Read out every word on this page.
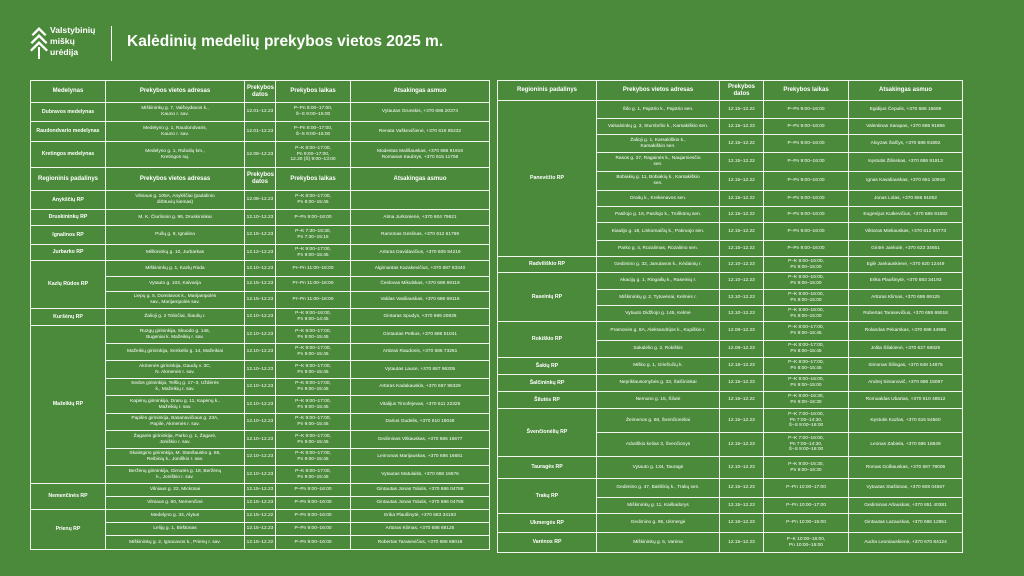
Valstybinių
miškų
urėdija
Kalėdinių medelių prekybos vietos 2025 m.
Medelynas	Prekybos vietos adresas	Prekybos datos	Prekybos laikas	Atsakingas asmuo
Dubravos medelynas	Miškininkų g. 7, Vaišvydavos k.,
Kauno r. sav.	12.01–12.23	P–Pn 8:00–17:00,
Š–S 9:00–15:00	Vytautas Grunskis, +370 686 20374
Raudondvario medelynas	Medelyno g. 1, Raudondvaris,
Kauno r. sav.	12.01–12.23	P–Pn 8:00–17:00,
Š–S 9:00–15:00	Renata Vaškevičienė, +370 616 85232
Kretingos medelynas	Medelyno g. 1, Rubulių km.,
Kretingos raj.	12.08–12.23	P–K 8:00–17:00,
Pn 9:00–17:00,
12.20 (Š) 9:00–13:00	Modestas Mališauskas, +370 686 91916
Romanas Kaubrys, +370 615 11756
Regioninis padalinys	Prekybos vietos adresas	Prekybos datos	Prekybos laikas	Atsakingas asmuo
Anykščių RP	Vilniaus g. 105A, Anykščiai (padalinio
dirbtuvių kiemas)	12.08–12.23	P–K 8:00–17:00,
Pn 8:00–15:45	
Druskininkų RP	M. K. Čiurlionio g. 96, Druskininkai	12.10–12.23	P–Pn 9:00–16:00	Alma Jurkonienė, +370 604 79621
Ignalinos RP	Pušų g. 9, Ignalina	12.15–12.23	P–K 7:30–16:30,
Pn 7:30–15:15	Ramūnas Geslinas, +370 612 61799
Jurbarko RP	Miškininkų g. 10, Jurbarkas	12.12–12.23	P–K 9:00–17:00,
Pn 9:00–15:45	Artūras Davidavičius, +370 605 94219
Kazlų Rūdos RP	Miškininkų g. 1, Kazlų Rūda	12.10–12.23	Pr–Pn 11:00–16:00	Algimantas Kazakevičius, +370 687 83340
	Vytauto g. 103, Kalvarija	12.15–12.23	Pr–Pn 11:00–16:00	Česlovas Mikulskas, +370 686 69119
	Liepų g. 5, Domitavos k., Marijampolės
sav., Marijampolės sav.	12.15–12.23	Pr–Pn 11:00–16:00	Valdas Vasiliauskas, +370 686 69116
Kuršėnų RP	Žalioji g. 2 Toliočiai, Šiaulių r.	12.10–12.23	P–K 9:00–16:00,
Pn 9:00–14:45	Gintaras Spudys, +370 699 20836
Mažeikių RP	Ruzgų girininkija, Skuodo g. 146,
Bugeniai k. Mažeikių r. sav.	12.10–12.23	P–K 9:00–17:00,
Pn 9:00–15:45	Gintautas Petkus, +370 686 51041
	Mažeikių girininkija, Senkelio g. 14, Mažeikiai	12.10–12.23	P–K 9:00–17:00,
Pn 9:00–15:45	Artūras Raudonis, +370 686 73261
	Akmenės girininkija, Gaudų v. 3C,
N. Akmenės r. sav.	12.10–12.23	P–K 9:00–17:00,
Pn 9:00–15:45	Vytautas Lauce, +370 687 96305
	Sedos girininkija, Telšių g. 17–3, Uždėrės
k., Mažeikių r. sav.	12.10–12.23	P–K 9:00–17:00,
Pn 9:00–15:45	Artūras Kadakauskis, +370 687 96329
	Kapėnų girininkija, Draru g. 11, Kapėnų k.,
Mažeikių r. sav.	12.10–12.23	P–K 9:00–17:00,
Pn 9:00–15:45	Vitalijus Timofejevas, +370 611 22325
	Papilės girininkija, Basanavičiaus g. 23A,
Papilė, Akmenės r. sav.	12.10–12.23	P–K 9:00–17:00,
Pn 9:00–15:45	Darius Gudelis, +370 610 18048
	Žagarės girininkija, Parko g. 1, Žagarė,
Joniškio r. sav.	12.10–12.23	P–K 9:00–17:00,
Pn 9:00–15:45	Gediminas Vitkauskas, +370 686 16677
	Skaistgirio girininkija, M. Stanšausko g. 65,
Reibinių k., Joniškio r. sav.	12.10–12.23	P–K 9:00–17:00,
Pn 9:00–15:45	Leimonas Marijauskas, +370 686 16681
	Beržėnų girininkija, Girnutės g. 18, Beržėnų
k., Joniškio r. sav.	12.10–12.23	P–K 9:00–17:00,
Pn 9:00–15:45	Vytautas Matulaitis, +370 686 16676
Nemenčinės RP	Vilniaus g. 22, Mickūnai	12.15–12.23	P–Pn 9:00–16:00	Gintautas Jonas Tolutis, +370 686 04788
	Vilniaus g. 60, Nemenčinė	12.15–12.23	P–Pn 9:00–16:00	Gintautas Jonas Tolutis, +370 686 04788
Prienų RP	Medelyno g. 33, Alytus	12.15–12.22	P–Pn 9:00–16:00	Erika Plaušinytė, +370 683 34193
	Lelijų g. 1, Birštonas	12.15–12.23	P–Pn 9:00–16:00	Artūras Klimas, +370 686 69125
	Miškininkų g. 2, Ignacavos k., Prienų r. sav.	12.15–12.22	P–Pn 9:00–16:00	Robertas Tarasevičius, +370 686 69018
Regioninis padalinys	Prekybos vietos adresas	Prekybos datos	Prekybos laikas	Atsakingas asmuo
Panevėžio RP	Šilo g. 1, Pajotrio k., Pajotrio sen.	12.15–12.22	P–Pn 9:00–16:00	Egidijus Čepulis, +370 686 16669
	Valsalninkų g. 3, Stumbrilio k., Karsakiškio sen.	12.15–12.23	P–Pn 9:00–16:00	Valentinas Sarapas, +370 686 91856
	Žalioji g. 1, Karsakiškio k.,
Karsakiškio sen.	12.15–12.22	P–Pn 9:00–16:00	Aloyzas Šalčys, +370 686 91892
	Rasos g. 27, Ragainės k., Naujamiesčio
sen.	12.15–12.22	P–Pn 9:00–16:00	Kęstutis Žilinskas, +370 686 91913
	Bobiakių g. 11, Bobiakių k., Karsakiškio
sen.	12.15–12.22	P–Pn 9:00–16:00	Ignas Kavaliauskas, +370 651 10919
	Oraitų k., Krekenavos sen.	12.15–12.22	P–Pn 9:00–16:00	Jonas Lolas, +370 686 91852
	Pasilojo g. 16, Pasilojo k., Troškūnų sen.	12.15–12.22	P–Pn 9:00–16:00	Eugenijus Kutkevičius, +370 686 91882
	Kiaulijo g. 18, Linkomaičių k., Pakruojo sen.	12.15–12.22	P–Pn 9:00–16:00	Viktoras Mieliauskas, +370 612 94773
	Parko g. 4, Rozalimas, Rozalimo sen.	12.15–12.22	P–Pn 9:00–16:00	Gintrė Jankutė, +370 623 34651
Radviliškio RP	Gedimino g. 32, Janutavos k., Kėdainių r.	12.10–12.23	P–K 9:00–16:00,
Pn 9:00–15:00	Eglė Jankauskienė, +370 620 12449
Raseinių RP	Akacijų g. 1, Ringailių k., Raseinių r.	12.10–12.23	P–K 9:00–16:00,
Pn 9:00–15:00	Erika Plaušinytė, +370 683 34193
	Miškininkų g. 2, Tytuvėnai, Kelmės r.	12.10–12.23	P–K 9:00–16:00,
Pn 9:00–15:00	Artūras Klimas, +370 686 69125
	Vytauto Didžiojo g. 145, Kelmė	12.10–12.23	P–K 9:00–16:00,
Pn 9:00–15:00	Robertas Tarasevičius, +370 686 69018
Rokiškio RP	Pramonės g. 8A, Aleksandrijos k., Kupiškio r.	12.08–12.23	P–K 8:00–17:00,
Pn 8:00–15:45	Rolandas Pekarskas, +370 698 44985
	Sakalėlio g. 2, Rokiškis	12.08–12.23	P–K 8:00–17:00,
Pn 8:00–15:45	Jolita Šilakienė, +370 627 68825
Šakių RP	Miško g. 1, Griežučių k.	12.18–12.23	P–K 8:00–17:00,
Pn 8:00–15:45	Simonas Šilingas, +370 648 14875
Šalčininkų RP	Nepriklausomybės g. 33, Šalčininkai	12.15–12.23	P–K 9:00–16:00,
Pn 9:00–15:00	Andrej Simanovič, +370 686 15097
Šilutės RP	Nemuno g. 15, Šilutė	12.16–12.22	P–K 9:00–16:30,
Pn 9:00–16:30	Romualdas Ubartas, +370 610 48512
Švenčionėlių RP	Žeimenos g. 68, Švenčionėliai	12.15–12.23	P–K 7:00–16:00,
Pn 7:00–14:30,
Š–S 9:00–16:00	Kęstutis Kazlas, +370 615 54560
	Adutiškio kelias 3, Švenčionys	12.15–12.23	P–K 7:00–16:00,
Pn 7:00–14:30,
Š–S 9:00–16:00	Leonas Zabiela, +370 686 18849
Tauragės RP	Vytauto g. 134, Tauragė	12.10–12.23	P–K 9:00–16:30,
Pn 9:00–16:30	Romas Golbauskas, +370 687 78006
Trakų RP	Gedimino g. 47, Balrilikių k., Trakų sen.	12.15–12.23	P–Pn 10:00–17:00	Vytautas Stašiūnas, +370 608 04567
	Miškininkų g. 11, Kaišiadorys	12.15–12.23	P–Pn 10:00–17:00	Gediminas Arlauskas, +370 651 40381
Ukmergės RP	Gedimino g. 95, Ukmergė	12.16–12.23	P–Pn 10:00–15:00	Gintautas Lazauskas, +370 686 12951
Varėnos RP	Miškininkų g. 5, Varėna	12.15–12.23	P–K 10:00–16:00,
Pn 10:00–15:00	Audra Leoniauskienė, +370 670 84124
